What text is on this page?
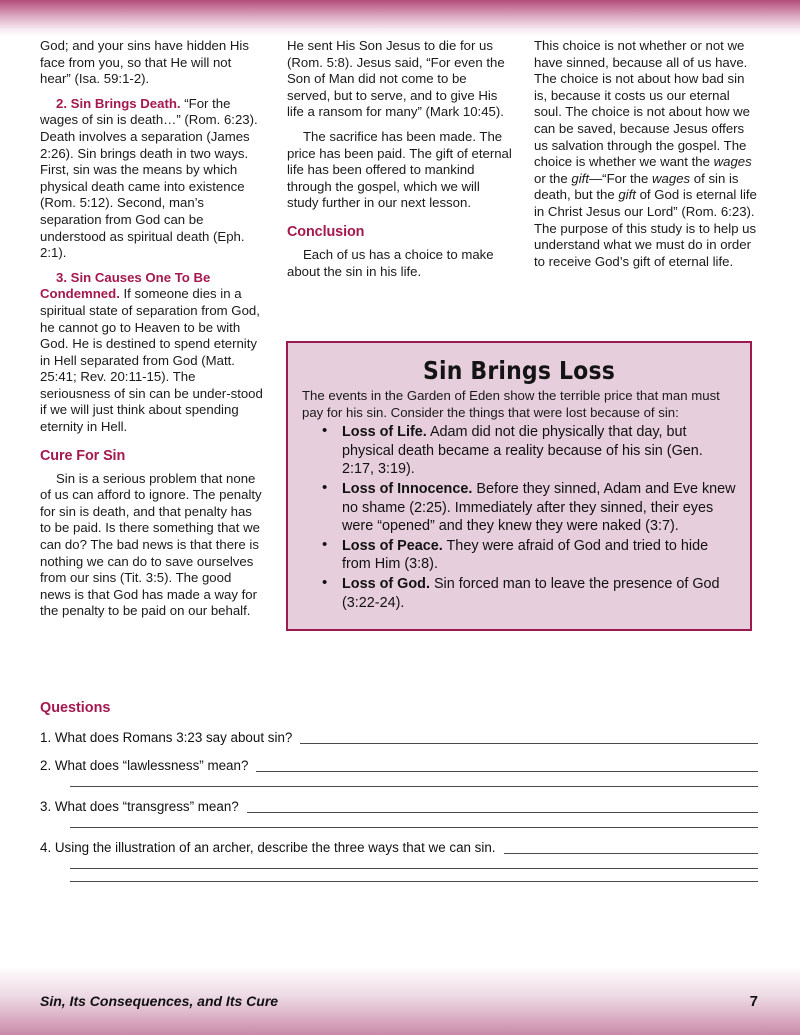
God; and your sins have hidden His face from you, so that He will not hear” (Isa. 59:1-2).

2. Sin Brings Death. “For the wages of sin is death…” (Rom. 6:23). Death involves a separation (James 2:26). Sin brings death in two ways. First, sin was the means by which physical death came into existence (Rom. 5:12). Second, man’s separation from God can be understood as spiritual death (Eph. 2:1).

3. Sin Causes One To Be Condemned. If someone dies in a spiritual state of separation from God, he cannot go to Heaven to be with God. He is destined to spend eternity in Hell separated from God (Matt. 25:41; Rev. 20:11-15). The seriousness of sin can be under-stood if we will just think about spending eternity in Hell.

Cure For Sin

Sin is a serious problem that none of us can afford to ignore. The penalty for sin is death, and that penalty has to be paid. Is there something that we can do? The bad news is that there is nothing we can do to save ourselves from our sins (Tit. 3:5). The good news is that God has made a way for the penalty to be paid on our behalf.

He sent His Son Jesus to die for us (Rom. 5:8). Jesus said, “For even the Son of Man did not come to be served, but to serve, and to give His life a ransom for many” (Mark 10:45).

The sacrifice has been made. The price has been paid. The gift of eternal life has been offered to mankind through the gospel, which we will study further in our next lesson.

Conclusion

Each of us has a choice to make about the sin in his life.

This choice is not whether or not we have sinned, because all of us have. The choice is not about how bad sin is, because it costs us our eternal soul. The choice is not about how we can be saved, because Jesus offers us salvation through the gospel. The choice is whether we want the wages or the gift—“For the wages of sin is death, but the gift of God is eternal life in Christ Jesus our Lord” (Rom. 6:23). The purpose of this study is to help us understand what we must do in order to receive God’s gift of eternal life.

Sin Brings Loss

The events in the Garden of Eden show the terrible price that man must pay for his sin. Consider the things that were lost because of sin:

• Loss of Life. Adam did not die physically that day, but physical death became a reality because of his sin (Gen. 2:17, 3:19).
• Loss of Innocence. Before they sinned, Adam and Eve knew no shame (2:25). Immediately after they sinned, their eyes were “opened” and they knew they were naked (3:7).
• Loss of Peace. They were afraid of God and tried to hide from Him (3:8).
• Loss of God. Sin forced man to leave the presence of God (3:22-24).
Questions
1. What does Romans 3:23 say about sin?
2. What does “lawlessness” mean?
3. What does “transgress” mean?
4. Using the illustration of an archer, describe the three ways that we can sin.
Sin, Its Consequences, and Its Cure	7
